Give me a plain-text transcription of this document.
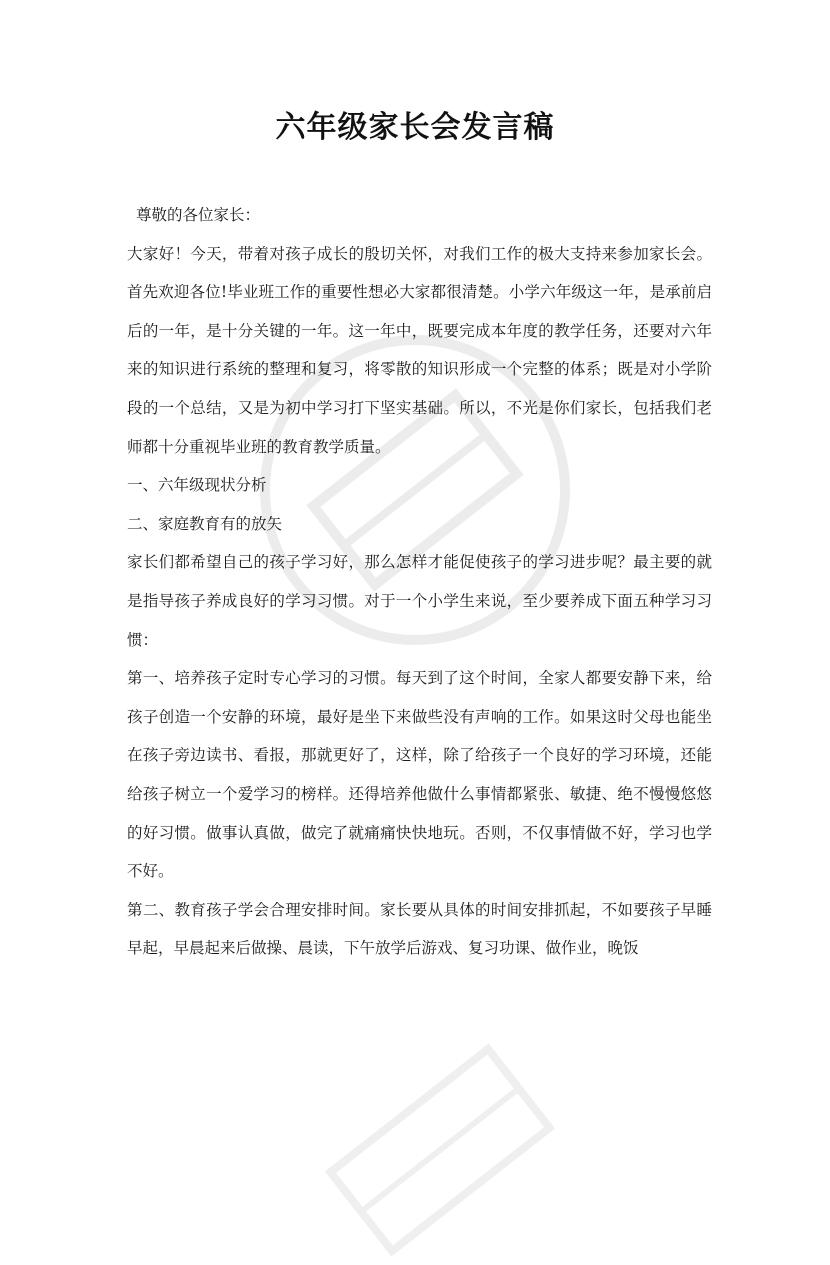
六年级家长会发言稿

尊敬的各位家长：

大家好！今天，带着对孩子成长的殷切关怀，对我们工作的极大支持来参加家长会。首先欢迎各位!毕业班工作的重要性想必大家都很清楚。小学六年级这一年，是承前启后的一年，是十分关键的一年。这一年中，既要完成本年度的教学任务，还要对六年来的知识进行系统的整理和复习，将零散的知识形成一个完整的体系；既是对小学阶段的一个总结，又是为初中学习打下坚实基础。所以，不光是你们家长，包括我们老师都十分重视毕业班的教育教学质量。

一、六年级现状分析

二、家庭教育有的放矢

家长们都希望自己的孩子学习好，那么怎样才能促使孩子的学习进步呢？最主要的就是指导孩子养成良好的学习习惯。对于一个小学生来说，至少要养成下面五种学习习惯：

第一、培养孩子定时专心学习的习惯。每天到了这个时间，全家人都要安静下来，给孩子创造一个安静的环境，最好是坐下来做些没有声响的工作。如果这时父母也能坐在孩子旁边读书、看报，那就更好了，这样，除了给孩子一个良好的学习环境，还能给孩子树立一个爱学习的榜样。还得培养他做什么事情都紧张、敏捷、绝不慢慢悠悠的好习惯。做事认真做，做完了就痛痛快快地玩。否则，不仅事情做不好，学习也学不好。

第二、教育孩子学会合理安排时间。家长要从具体的时间安排抓起，不如要孩子早睡早起，早晨起来后做操、晨读，下午放学后游戏、复习功课、做作业，晚饭
